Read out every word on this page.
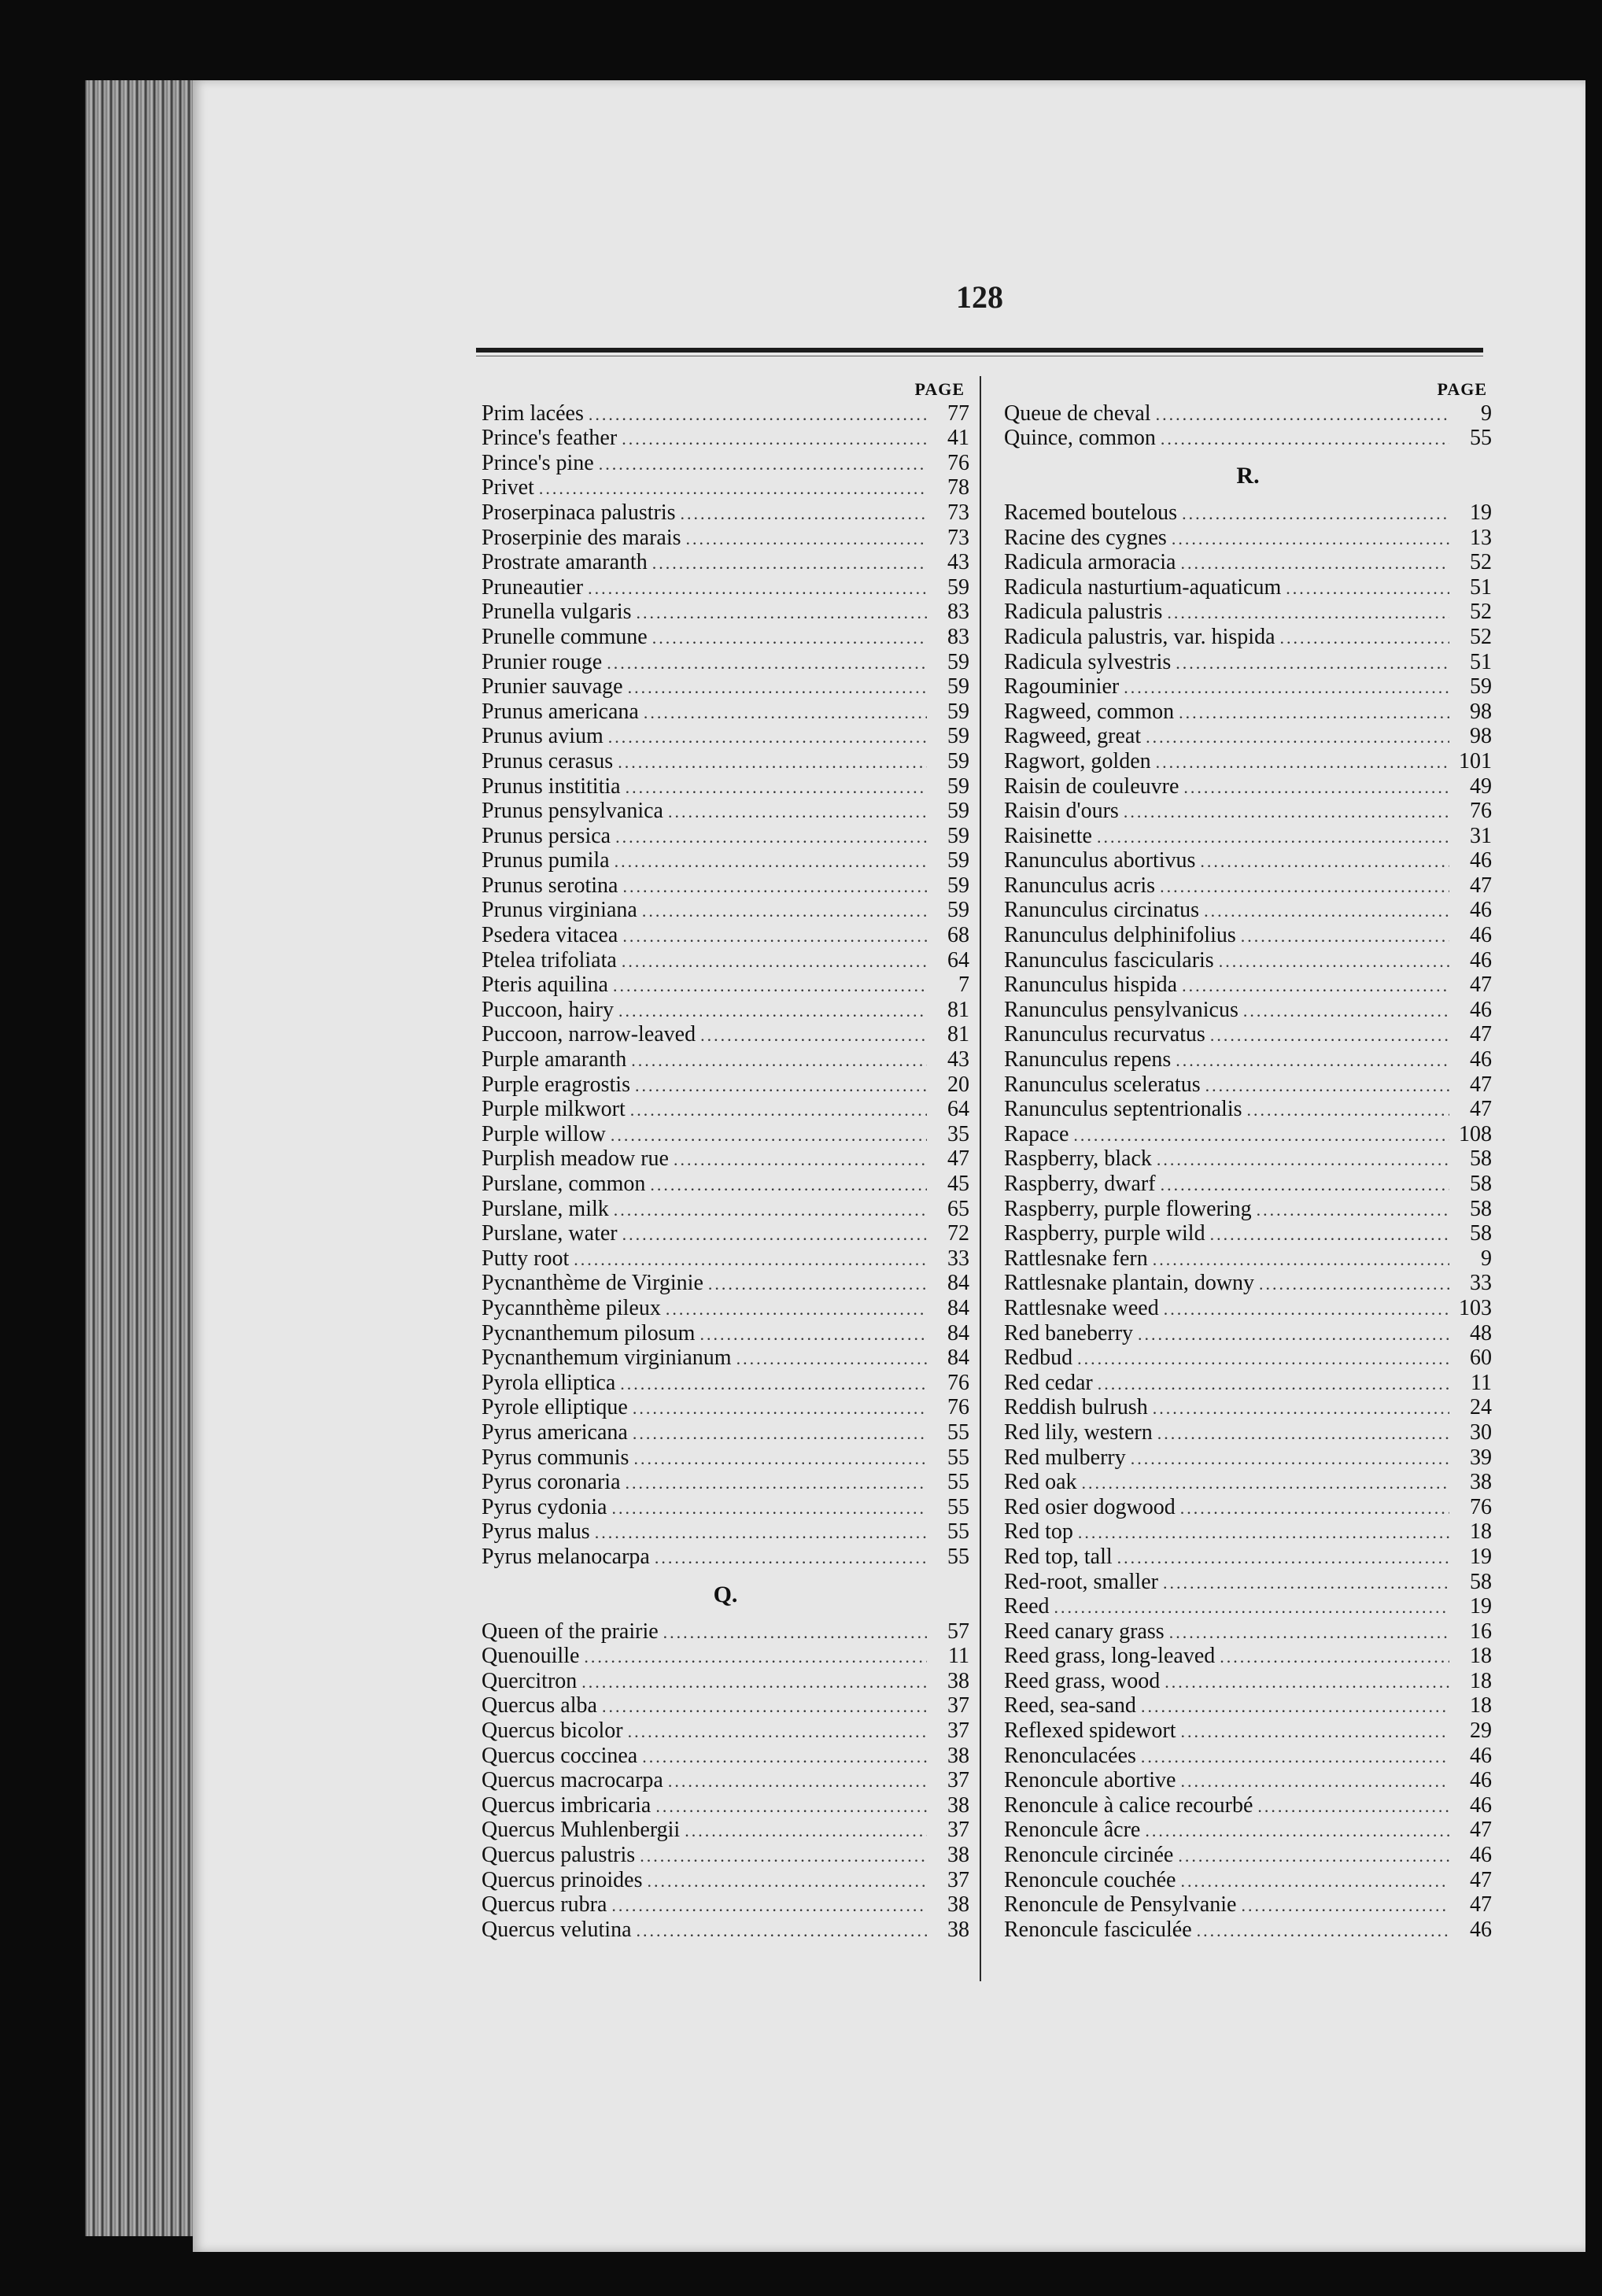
128
PAGE
Prim lacées .....	77
Prince's feather .....	41
Prince's pine .....	76
Privet .....	78
Proserpinaca palustris .....	73
Proserpinie des marais .....	73
Prostrate amaranth .....	43
Pruneautier .....	59
Prunella vulgaris .....	83
Prunelle commune .....	83
Prunier rouge .....	59
Prunier sauvage .....	59
Prunus americana .....	59
Prunus avium .....	59
Prunus cerasus .....	59
Prunus instititia .....	59
Prunus pensylvanica .....	59
Prunus persica .....	59
Prunus pumila .....	59
Prunus serotina .....	59
Prunus virginiana .....	59
Psedera vitacea .....	68
Ptelea trifoliata .....	64
Pteris aquilina .....	7
Puccoon, hairy .....	81
Puccoon, narrow-leaved .....	81
Purple amaranth .....	43
Purple eragrostis .....	20
Purple milkwort .....	64
Purple willow .....	35
Purplish meadow rue .....	47
Purslane, common .....	45
Purslane, milk .....	65
Purslane, water .....	72
Putty root .....	33
Pycnanthème de Virginie .....	84
Pycannthème pileux .....	84
Pycnanthemum pilosum .....	84
Pycnanthemum virginianum .....	84
Pyrola elliptica .....	76
Pyrole elliptique .....	76
Pyrus americana .....	55
Pyrus communis .....	55
Pyrus coronaria .....	55
Pyrus cydonia .....	55
Pyrus malus .....	55
Pyrus melanocarpa .....	55
Q.
Queen of the prairie .....	57
Quenouille .....	11
Quercitron .....	38
Quercus alba .....	37
Quercus bicolor .....	37
Quercus coccinea .....	38
Quercus macrocarpa .....	37
Quercus imbricaria .....	38
Quercus Muhlenbergii .....	37
Quercus palustris .....	38
Quercus prinoides .....	37
Quercus rubra .....	38
Quercus velutina .....	38
PAGE
Queue de cheval .....	9
Quince, common .....	55
R.
Racemed boutelous .....	19
Racine des cygnes .....	13
Radicula armoracia .....	52
Radicula nasturtium-aquaticum .....	51
Radicula palustris .....	52
Radicula palustris, var. hispida .....	52
Radicula sylvestris .....	51
Ragouminier .....	59
Ragweed, common .....	98
Ragweed, great .....	98
Ragwort, golden .....	101
Raisin de couleuvre .....	49
Raisin d'ours .....	76
Raisinette .....	31
Ranunculus abortivus .....	46
Ranunculus acris .....	47
Ranunculus circinatus .....	46
Ranunculus delphinifolius .....	46
Ranunculus fascicularis .....	46
Ranunculus hispida .....	47
Ranunculus pensylvanicus .....	46
Ranunculus recurvatus .....	47
Ranunculus repens .....	46
Ranunculus sceleratus .....	47
Ranunculus septentrionalis .....	47
Rapace .....	108
Raspberry, black .....	58
Raspberry, dwarf .....	58
Raspberry, purple flowering .....	58
Raspberry, purple wild .....	58
Rattlesnake fern .....	9
Rattlesnake plantain, downy .....	33
Rattlesnake weed .....	103
Red baneberry .....	48
Redbud .....	60
Red cedar .....	11
Reddish bulrush .....	24
Red lily, western .....	30
Red mulberry .....	39
Red oak .....	38
Red osier dogwood .....	76
Red top .....	18
Red top, tall .....	19
Red-root, smaller .....	58
Reed .....	19
Reed canary grass .....	16
Reed grass, long-leaved .....	18
Reed grass, wood .....	18
Reed, sea-sand .....	18
Reflexed spidewort .....	29
Renonculacées .....	46
Renoncule abortive .....	46
Renoncule à calice recourbé .....	46
Renoncule âcre .....	47
Renoncule circinée .....	46
Renoncule couchée .....	47
Renoncule de Pensylvanie .....	47
Renoncule fasciculée .....	46
